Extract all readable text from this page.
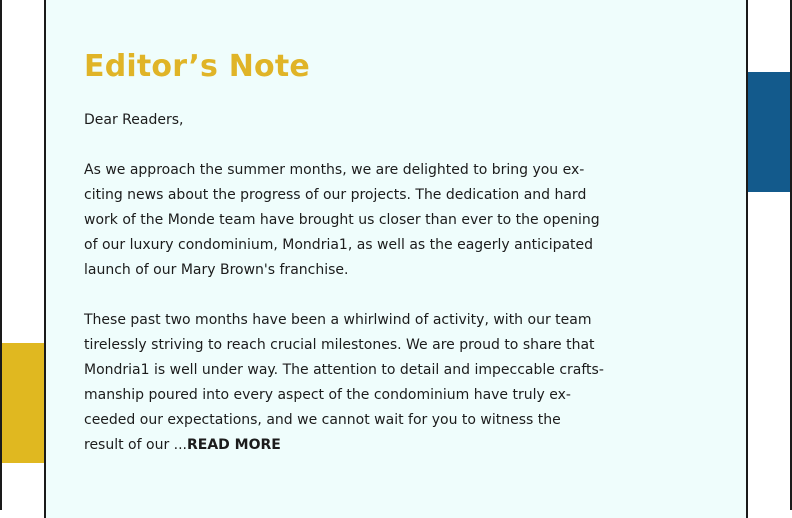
Editor’s Note

Dear Readers,

As we approach the summer months, we are delighted to bring you ex-
citing news about the progress of our projects. The dedication and hard
work of the Monde team have brought us closer than ever to the opening
of our luxury condominium, Mondria1, as well as the eagerly anticipated
launch of our Mary Brown's franchise.

These past two months have been a whirlwind of activity, with our team
tirelessly striving to reach crucial milestones. We are proud to share that
Mondria1 is well under way. The attention to detail and impeccable crafts-
manship poured into every aspect of the condominium have truly ex-
ceeded our expectations, and we cannot wait for you to witness the
result of our ...READ MORE
